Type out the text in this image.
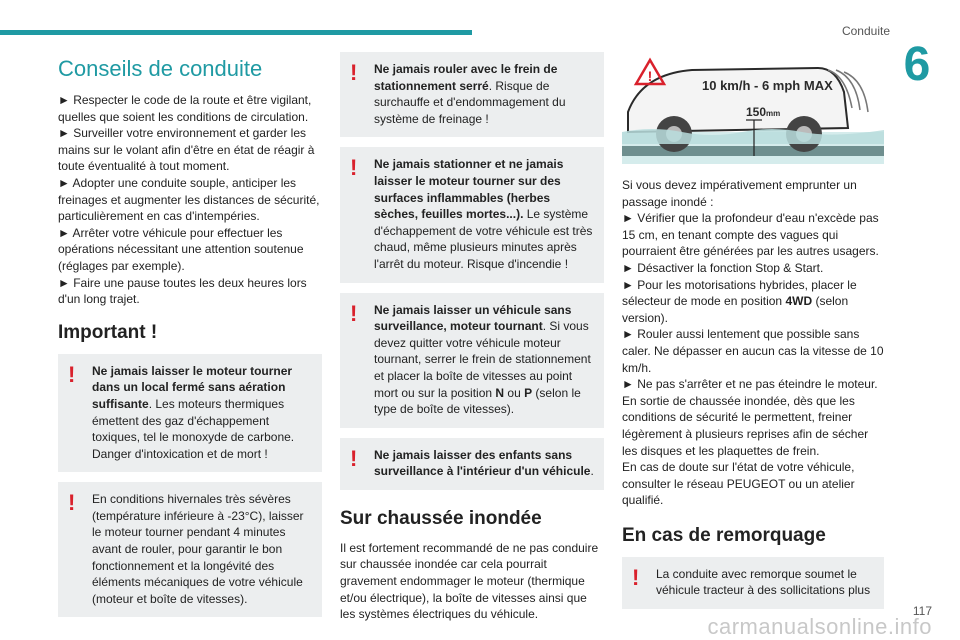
Conduite
6
Conseils de conduite

► Respecter le code de la route et être vigilant, quelles que soient les conditions de circulation.

► Surveiller votre environnement et garder les mains sur le volant afin d'être en état de réagir à toute éventualité à tout moment.

► Adopter une conduite souple, anticiper les freinages et augmenter les distances de sécurité, particulièrement en cas d'intempéries.

► Arrêter votre véhicule pour effectuer les opérations nécessitant une attention soutenue (réglages par exemple).

► Faire une pause toutes les deux heures lors d'un long trajet.

Important !
!	Ne jamais laisser le moteur tourner dans un local fermé sans aération suffisante. Les moteurs thermiques émettent des gaz d'échappement toxiques, tel le monoxyde de carbone. Danger d'intoxication et de mort !
!	En conditions hivernales très sévères (température inférieure à -23°C), laisser le moteur tourner pendant 4 minutes avant de rouler, pour garantir le bon fonctionnement et la longévité des éléments mécaniques de votre véhicule (moteur et boîte de vitesses).
!	Ne jamais rouler avec le frein de stationnement serré. Risque de surchauffe et d'endommagement du système de freinage !
!	Ne jamais stationner et ne jamais laisser le moteur tourner sur des surfaces inflammables (herbes sèches, feuilles mortes...). Le système d'échappement de votre véhicule est très chaud, même plusieurs minutes après l'arrêt du moteur. Risque d'incendie !
!	Ne jamais laisser un véhicule sans surveillance, moteur tournant. Si vous devez quitter votre véhicule moteur tournant, serrer le frein de stationnement et placer la boîte de vitesses au point mort ou sur la position N ou P (selon le type de boîte de vitesses).
!	Ne jamais laisser des enfants sans surveillance à l'intérieur d'un véhicule.
Sur chaussée inondée

Il est fortement recommandé de ne pas conduire sur chaussée inondée car cela pourrait gravement endommager le moteur (thermique et/ou électrique), la boîte de vitesses ainsi que les systèmes électriques du véhicule.

!
10 km/h - 6 mph MAX
150mm

Si vous devez impérativement emprunter un passage inondé :

► Vérifier que la profondeur d'eau n'excède pas 15 cm, en tenant compte des vagues qui pourraient être générées par les autres usagers.

► Désactiver la fonction Stop & Start.

► Pour les motorisations hybrides, placer le sélecteur de mode en position 4WD (selon version).

► Rouler aussi lentement que possible sans caler. Ne dépasser en aucun cas la vitesse de 10 km/h.

► Ne pas s'arrêter et ne pas éteindre le moteur.

En sortie de chaussée inondée, dès que les conditions de sécurité le permettent, freiner légèrement à plusieurs reprises afin de sécher les disques et les plaquettes de frein.

En cas de doute sur l'état de votre véhicule, consulter le réseau PEUGEOT ou un atelier qualifié.

En cas de remorquage
!	La conduite avec remorque soumet le véhicule tracteur à des sollicitations plus
carmanualsonline.info
117
